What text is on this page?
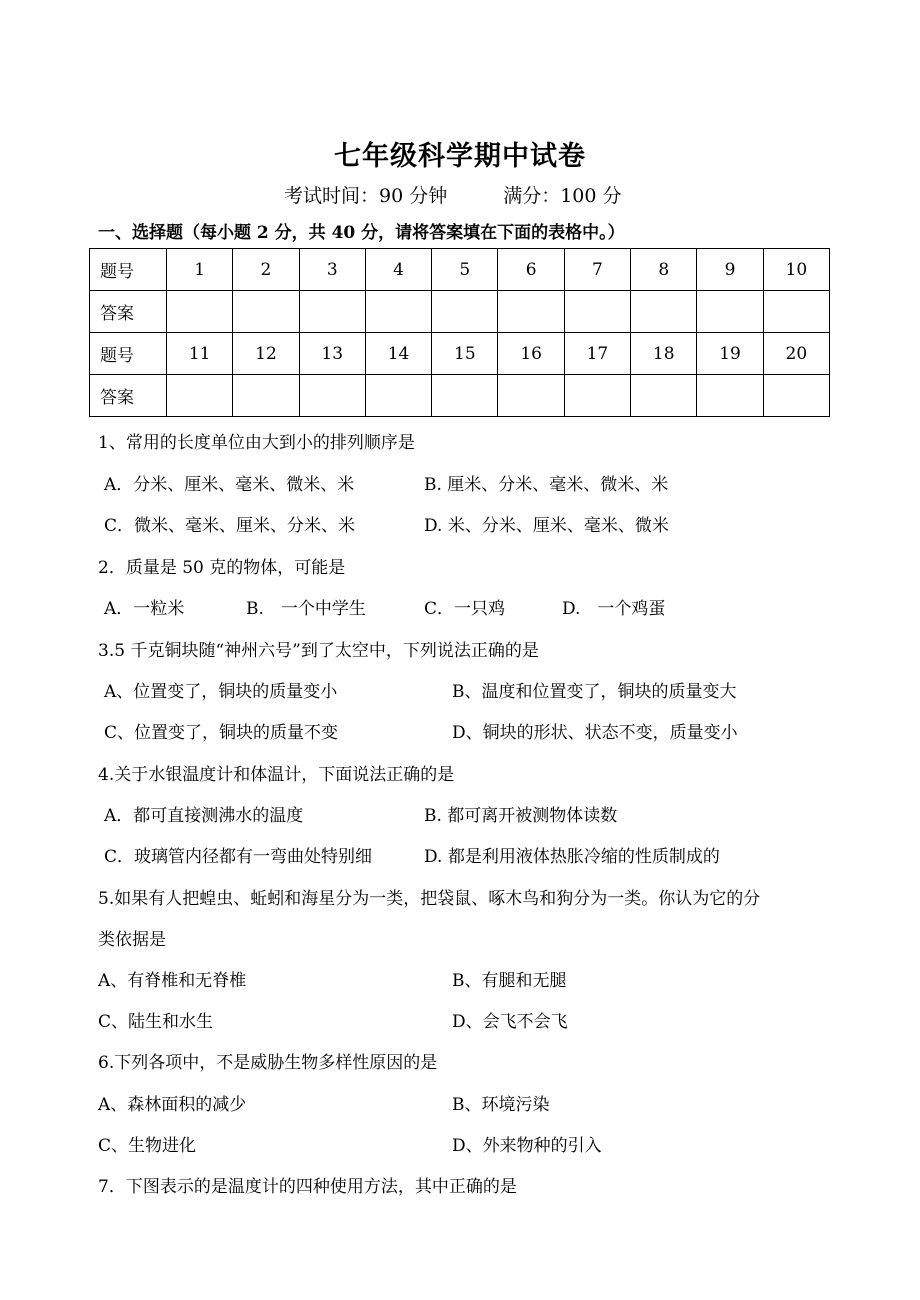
七年级科学期中试卷
考试时间：90 分钟	满分：100 分
一、选择题（每小题 2 分，共 40 分，请将答案填在下面的表格中。）
题号	1	2	3	4	5	6	7	8	9	10
答案										
题号	11	12	13	14	15	16	17	18	19	20
答案										
1、常用的长度单位由大到小的排列顺序是
A．分米、厘米、毫米、微米、米	B. 厘米、分米、毫米、微米、米
C．微米、毫米、厘米、分米、米	D. 米、分米、厘米、毫米、微米
2．质量是 50 克的物体，可能是
A．一粒米	B.　一个中学生	C．一只鸡	D.　一个鸡蛋
3.5 千克铜块随“神州六号”到了太空中，下列说法正确的是
A、位置变了，铜块的质量变小	B、温度和位置变了，铜块的质量变大
C、位置变了，铜块的质量不变	D、铜块的形状、状态不变，质量变小
4.关于水银温度计和体温计，下面说法正确的是
A．都可直接测沸水的温度	B. 都可离开被测物体读数
C．玻璃管内径都有一弯曲处特别细	D. 都是利用液体热胀冷缩的性质制成的
5.如果有人把蝗虫、蚯蚓和海星分为一类，把袋鼠、啄木鸟和狗分为一类。你认为它的分
类依据是
A、有脊椎和无脊椎	B、有腿和无腿
C、陆生和水生	D、会飞不会飞
6.下列各项中，不是威胁生物多样性原因的是
A、森林面积的减少	B、环境污染
C、生物进化	D、外来物种的引入
7．下图表示的是温度计的四种使用方法，其中正确的是
